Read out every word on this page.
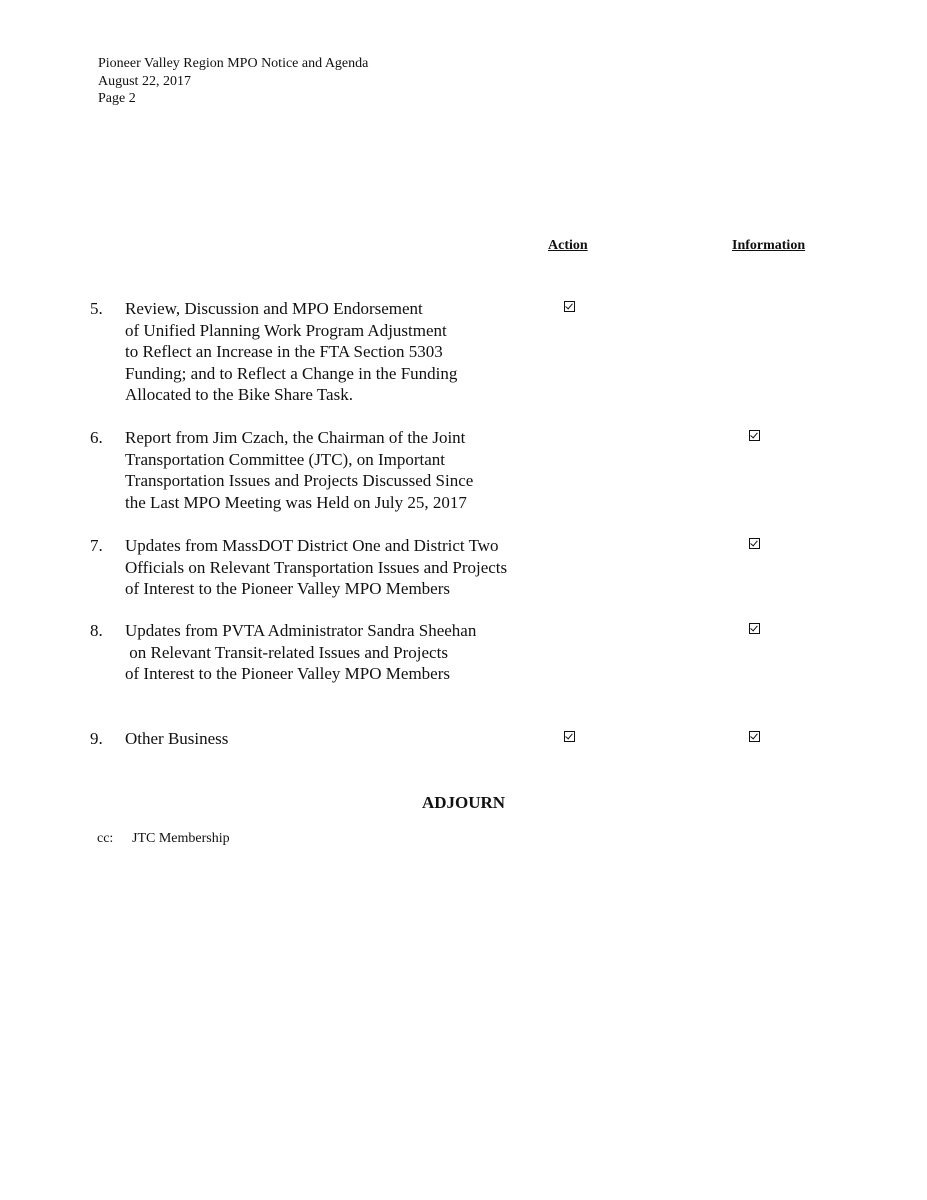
Pioneer Valley Region MPO Notice and Agenda
August 22, 2017
Page 2
Action	Information
5. Review, Discussion and MPO Endorsement
of Unified Planning Work Program Adjustment
to Reflect an Increase in the FTA Section 5303
Funding; and to Reflect a Change in the Funding
Allocated to the Bike Share Task.
6. Report from Jim Czach, the Chairman of the Joint
Transportation Committee (JTC), on Important
Transportation Issues and Projects Discussed Since
the Last MPO Meeting was Held on July 25, 2017
7. Updates from MassDOT District One and District Two
Officials on Relevant Transportation Issues and Projects
of Interest to the Pioneer Valley MPO Members
8. Updates from PVTA Administrator Sandra Sheehan
on Relevant Transit-related Issues and Projects
of Interest to the Pioneer Valley MPO Members
9. Other Business
ADJOURN
cc: JTC Membership
